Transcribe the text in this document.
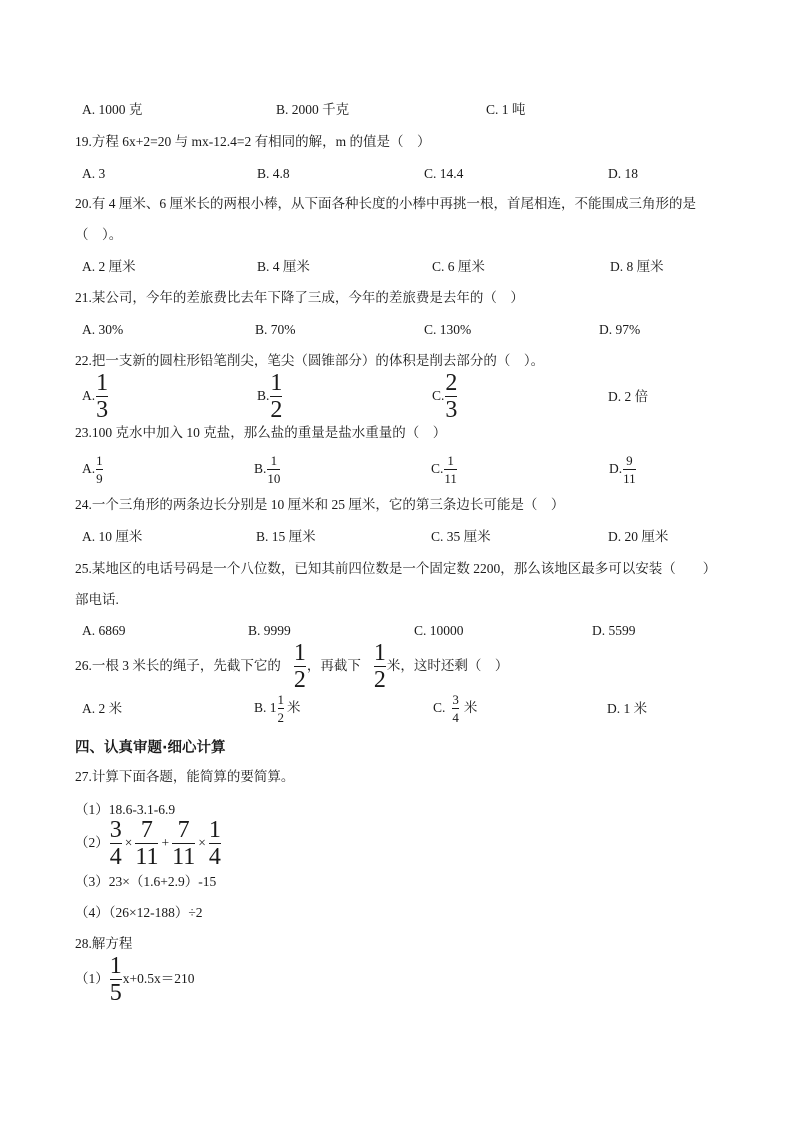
A. 1000 克	B. 2000 千克	C. 1 吨
19.方程 6x+2=20 与 mx-12.4=2 有相同的解，m 的值是（　）
A. 3	B. 4.8	C. 14.4	D. 18
20.有 4 厘米、6 厘米长的两根小棒，从下面各种长度的小棒中再挑一根，首尾相连，不能围成三角形的是
（　）。
A. 2 厘米	B. 4 厘米	C. 6 厘米	D. 8 厘米
21.某公司，今年的差旅费比去年下降了三成，今年的差旅费是去年的（　）
A. 30%	B. 70%	C. 130%	D. 97%
22.把一支新的圆柱形铅笔削尖，笔尖（圆锥部分）的体积是削去部分的（　）。
A. $\frac{1}{3}$	B. $\frac{1}{2}$	C. $\frac{2}{3}$	D. 2 倍
23.100 克水中加入 10 克盐，那么盐的重量是盐水重量的（　）
A. $\frac{1}{9}$	B. $\frac{1}{10}$	C. $\frac{1}{11}$	D. $\frac{9}{11}$
24.一个三角形的两条边长分别是 10 厘米和 25 厘米，它的第三条边长可能是（　）
A. 10 厘米	B. 15 厘米	C. 35 厘米	D. 20 厘米
25.某地区的电话号码是一个八位数，已知其前四位数是一个固定数 2200，那么该地区最多可以安装（　　）
部电话.
A. 6869	B. 9999	C. 10000	D. 5599
26.一根 3 米长的绳子，先截下它的 $\frac{1}{2}$ ，再截下 $\frac{1}{2}$ 米，这时还剩（　）
A. 2 米	B. $1 \frac{1}{2}$ 米	C. $\frac{3}{4}$ 米	D. 1 米
四、认真审题·细心计算
27.计算下面各题，能简算的要简算。
（1）18.6-3.1-6.9
$(2) \frac{3}{4} \times \frac{7}{11} + \frac{7}{11} \times \frac{1}{4}$
（3）23×（1.6+2.9）-15
（4）（26×12-188）÷2
28.解方程
$(1) \frac{1}{5} x+0.5x=210$
